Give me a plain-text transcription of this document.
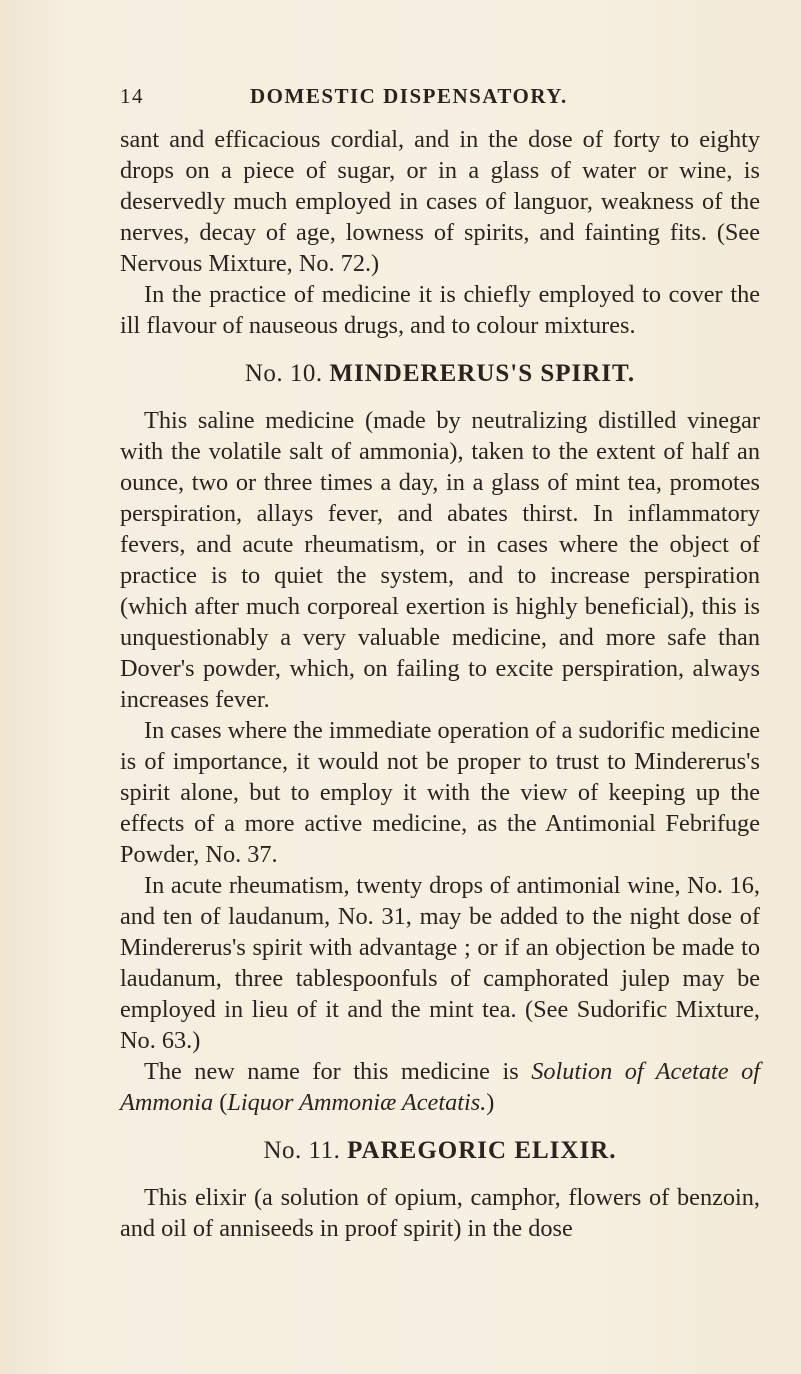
14	DOMESTIC DISPENSATORY.

sant and efficacious cordial, and in the dose of forty to eighty drops on a piece of sugar, or in a glass of water or wine, is deservedly much employed in cases of languor, weakness of the nerves, decay of age, lowness of spirits, and fainting fits. (See Nervous Mixture, No. 72.)

In the practice of medicine it is chiefly employed to cover the ill flavour of nauseous drugs, and to colour mixtures.

No. 10. MINDERERUS'S SPIRIT.

This saline medicine (made by neutralizing distilled vinegar with the volatile salt of ammonia), taken to the extent of half an ounce, two or three times a day, in a glass of mint tea, promotes perspiration, allays fever, and abates thirst. In inflammatory fevers, and acute rheumatism, or in cases where the object of practice is to quiet the system, and to increase perspiration (which after much corporeal exertion is highly beneficial), this is unquestionably a very valuable medicine, and more safe than Dover's powder, which, on failing to excite perspiration, always increases fever.

In cases where the immediate operation of a sudorific medicine is of importance, it would not be proper to trust to Mindererus's spirit alone, but to employ it with the view of keeping up the effects of a more active medicine, as the Antimonial Febrifuge Powder, No. 37.

In acute rheumatism, twenty drops of antimonial wine, No. 16, and ten of laudanum, No. 31, may be added to the night dose of Mindererus's spirit with advantage ; or if an objection be made to laudanum, three tablespoonfuls of camphorated julep may be employed in lieu of it and the mint tea. (See Sudorific Mixture, No. 63.)

The new name for this medicine is Solution of Acetate of Ammonia (Liquor Ammoniæ Acetatis.)

No. 11. PAREGORIC ELIXIR.

This elixir (a solution of opium, camphor, flowers of benzoin, and oil of anniseeds in proof spirit) in the dose
